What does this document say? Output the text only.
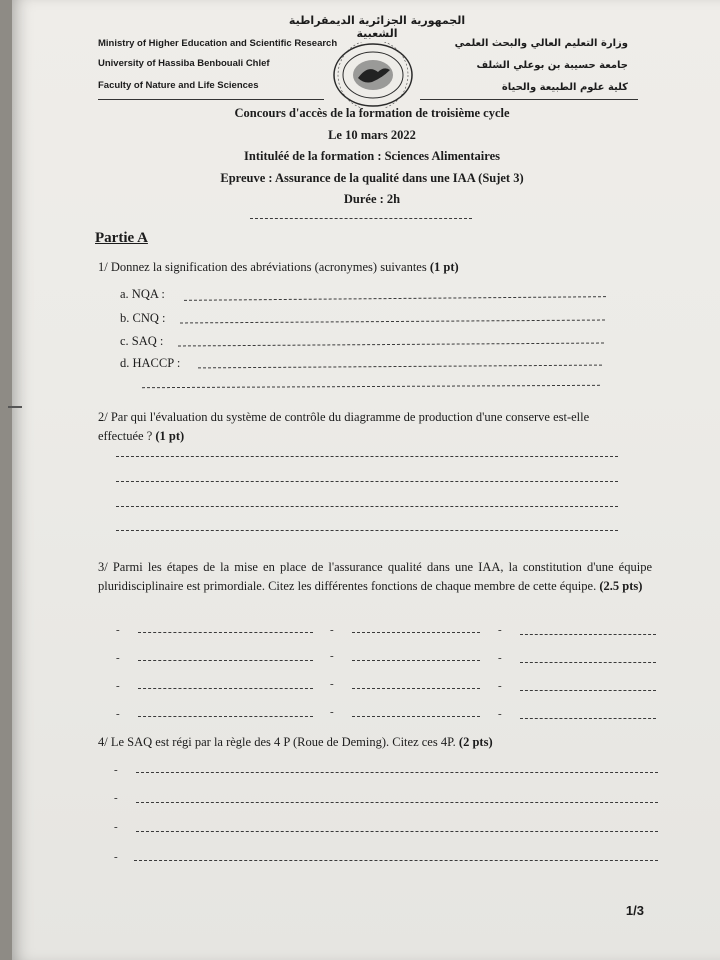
الجمهورية الجزائرية الديمقراطية الشعبية
Ministry of Higher Education and Scientific Research
University of Hassiba Benbouali Chlef
Faculty of Nature and Life Sciences
وزارة التعليم العالي والبحث العلمي
جامعة حسيبة بن بوعلي الشلف
كلية علوم الطبيعة والحياة
Concours d'accès de la formation de troisième cycle
Le 10 mars 2022
Intituléé de la formation : Sciences Alimentaires
Epreuve : Assurance de la qualité dans une IAA (Sujet 3)
Durée : 2h
Partie A
1/ Donnez la signification des abréviations (acronymes) suivantes (1 pt)
a. NQA :
b. CNQ :
c. SAQ :
d. HACCP :
2/ Par qui l'évaluation du système de contrôle du diagramme de production d'une conserve est-elle effectuée ? (1 pt)
3/ Parmi les étapes de la mise en place de l'assurance qualité dans une IAA, la constitution d'une équipe pluridisciplinaire est primordiale. Citez les différentes fonctions de chaque membre de cette équipe. (2.5 pts)
-	-	-
-	-	-
-	-	-
-	-	-
4/ Le SAQ est régi par la règle des 4 P (Roue de Deming). Citez ces 4P. (2 pts)
-
-
-
-
1/3
